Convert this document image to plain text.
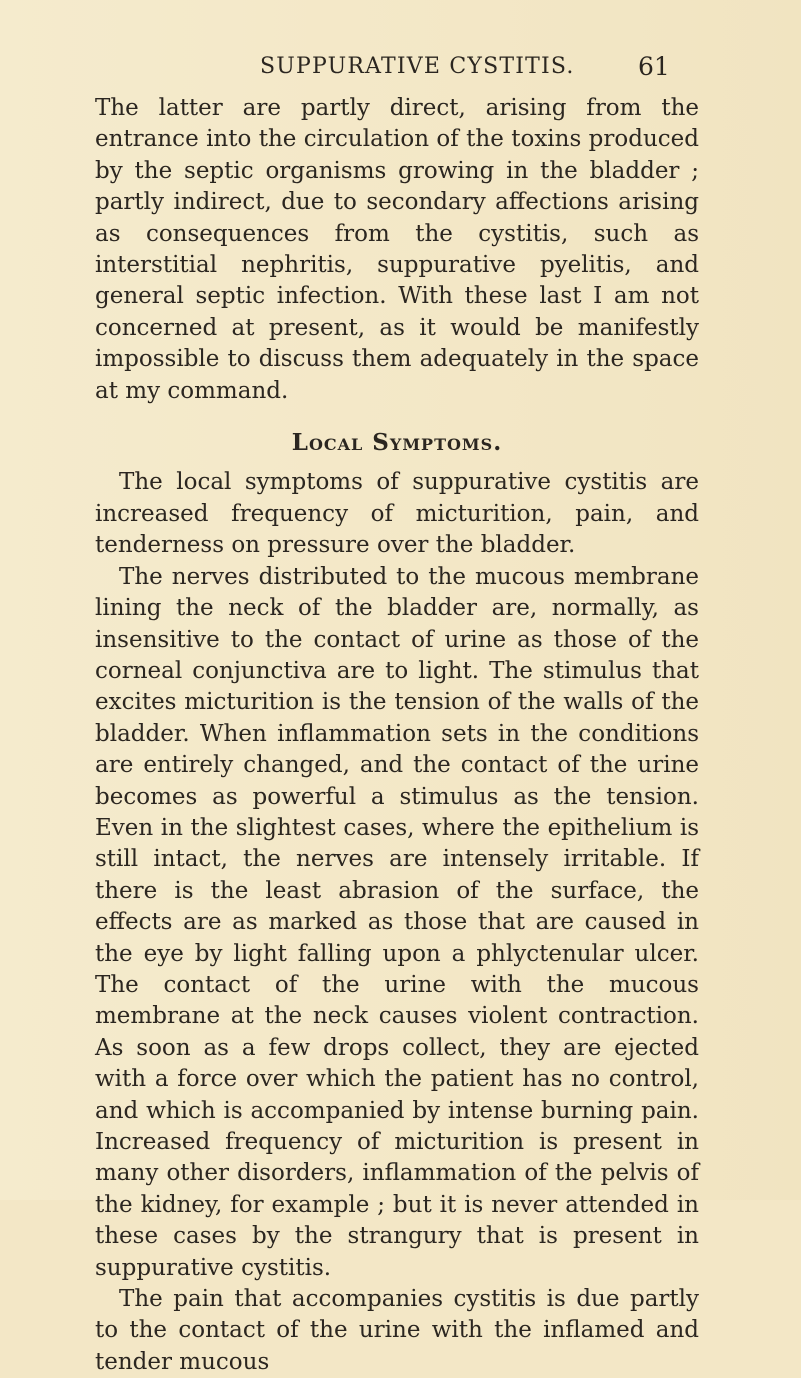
SUPPURATIVE CYSTITIS.	61

The latter are partly direct, arising from the entrance into the circulation of the toxins produced by the septic organisms growing in the bladder ; partly indirect, due to secondary affections arising as consequences from the cystitis, such as interstitial nephritis, suppurative pyelitis, and general septic infection. With these last I am not concerned at present, as it would be manifestly impossible to discuss them adequately in the space at my command.

Local Symptoms.

The local symptoms of suppurative cystitis are increased frequency of micturition, pain, and tenderness on pressure over the bladder.

The nerves distributed to the mucous membrane lining the neck of the bladder are, normally, as insensitive to the contact of urine as those of the corneal conjunctiva are to light. The stimulus that excites micturition is the tension of the walls of the bladder. When inflammation sets in the conditions are entirely changed, and the contact of the urine becomes as powerful a stimulus as the tension. Even in the slightest cases, where the epithelium is still intact, the nerves are intensely irritable. If there is the least abrasion of the surface, the effects are as marked as those that are caused in the eye by light falling upon a phlyctenular ulcer. The contact of the urine with the mucous membrane at the neck causes violent contraction. As soon as a few drops collect, they are ejected with a force over which the patient has no control, and which is accompanied by intense burning pain. Increased frequency of micturition is present in many other disorders, inflammation of the pelvis of the kidney, for example ; but it is never attended in these cases by the strangury that is present in suppurative cystitis.

The pain that accompanies cystitis is due partly to the contact of the urine with the inflamed and tender mucous
